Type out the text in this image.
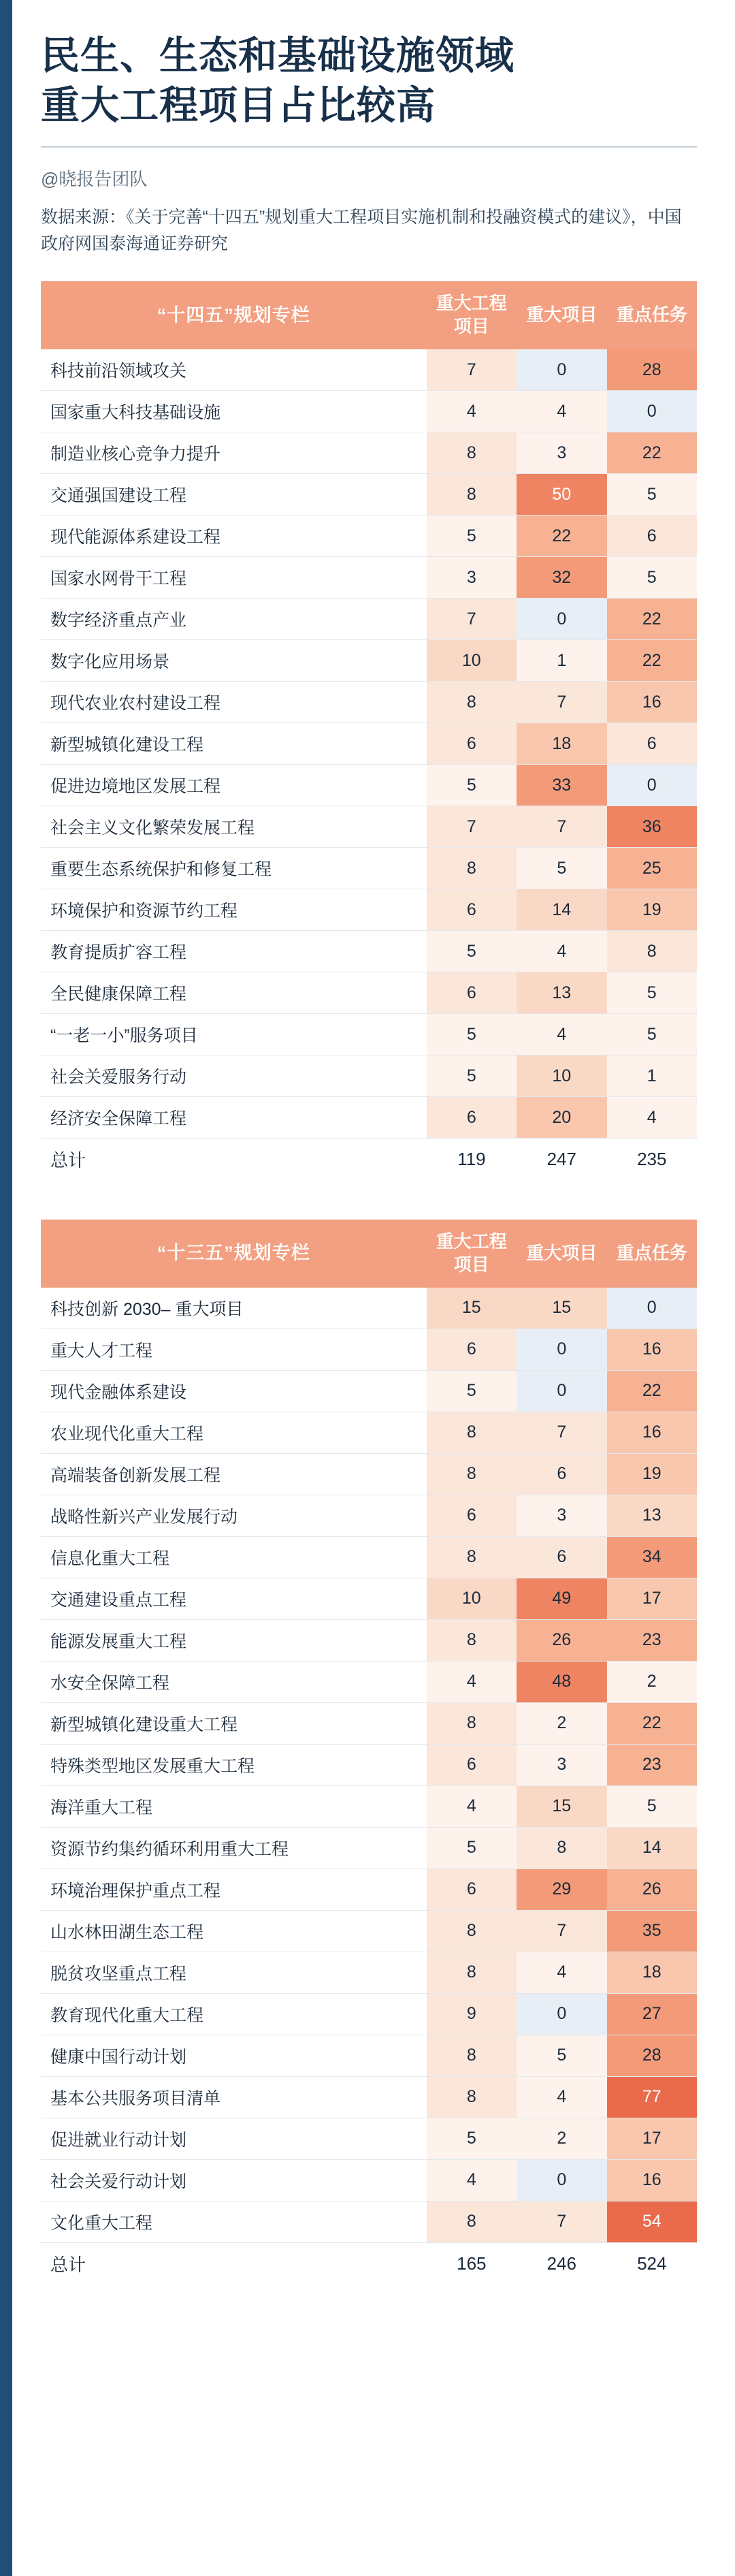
民生、生态和基础设施领域
重大工程项目占比较高
@晓报告团队
数据来源：《关于完善“十四五”规划重大工程项目实施机制和投融资模式的建议》，中国政府网国泰海通证券研究
“十四五”规划专栏	重大工程项目	重大项目	重点任务
科技前沿领域攻关	7	0	28
国家重大科技基础设施	4	4	0
制造业核心竞争力提升	8	3	22
交通强国建设工程	8	50	5
现代能源体系建设工程	5	22	6
国家水网骨干工程	3	32	5
数字经济重点产业	7	0	22
数字化应用场景	10	1	22
现代农业农村建设工程	8	7	16
新型城镇化建设工程	6	18	6
促进边境地区发展工程	5	33	0
社会主义文化繁荣发展工程	7	7	36
重要生态系统保护和修复工程	8	5	25
环境保护和资源节约工程	6	14	19
教育提质扩容工程	5	4	8
全民健康保障工程	6	13	5
“一老一小”服务项目	5	4	5
社会关爱服务行动	5	10	1
经济安全保障工程	6	20	4
总计	119	247	235
“十三五”规划专栏	重大工程项目	重大项目	重点任务
科技创新 2030– 重大项目	15	15	0
重大人才工程	6	0	16
现代金融体系建设	5	0	22
农业现代化重大工程	8	7	16
高端装备创新发展工程	8	6	19
战略性新兴产业发展行动	6	3	13
信息化重大工程	8	6	34
交通建设重点工程	10	49	17
能源发展重大工程	8	26	23
水安全保障工程	4	48	2
新型城镇化建设重大工程	8	2	22
特殊类型地区发展重大工程	6	3	23
海洋重大工程	4	15	5
资源节约集约循环利用重大工程	5	8	14
环境治理保护重点工程	6	29	26
山水林田湖生态工程	8	7	35
脱贫攻坚重点工程	8	4	18
教育现代化重大工程	9	0	27
健康中国行动计划	8	5	28
基本公共服务项目清单	8	4	77
促进就业行动计划	5	2	17
社会关爱行动计划	4	0	16
文化重大工程	8	7	54
总计	165	246	524
